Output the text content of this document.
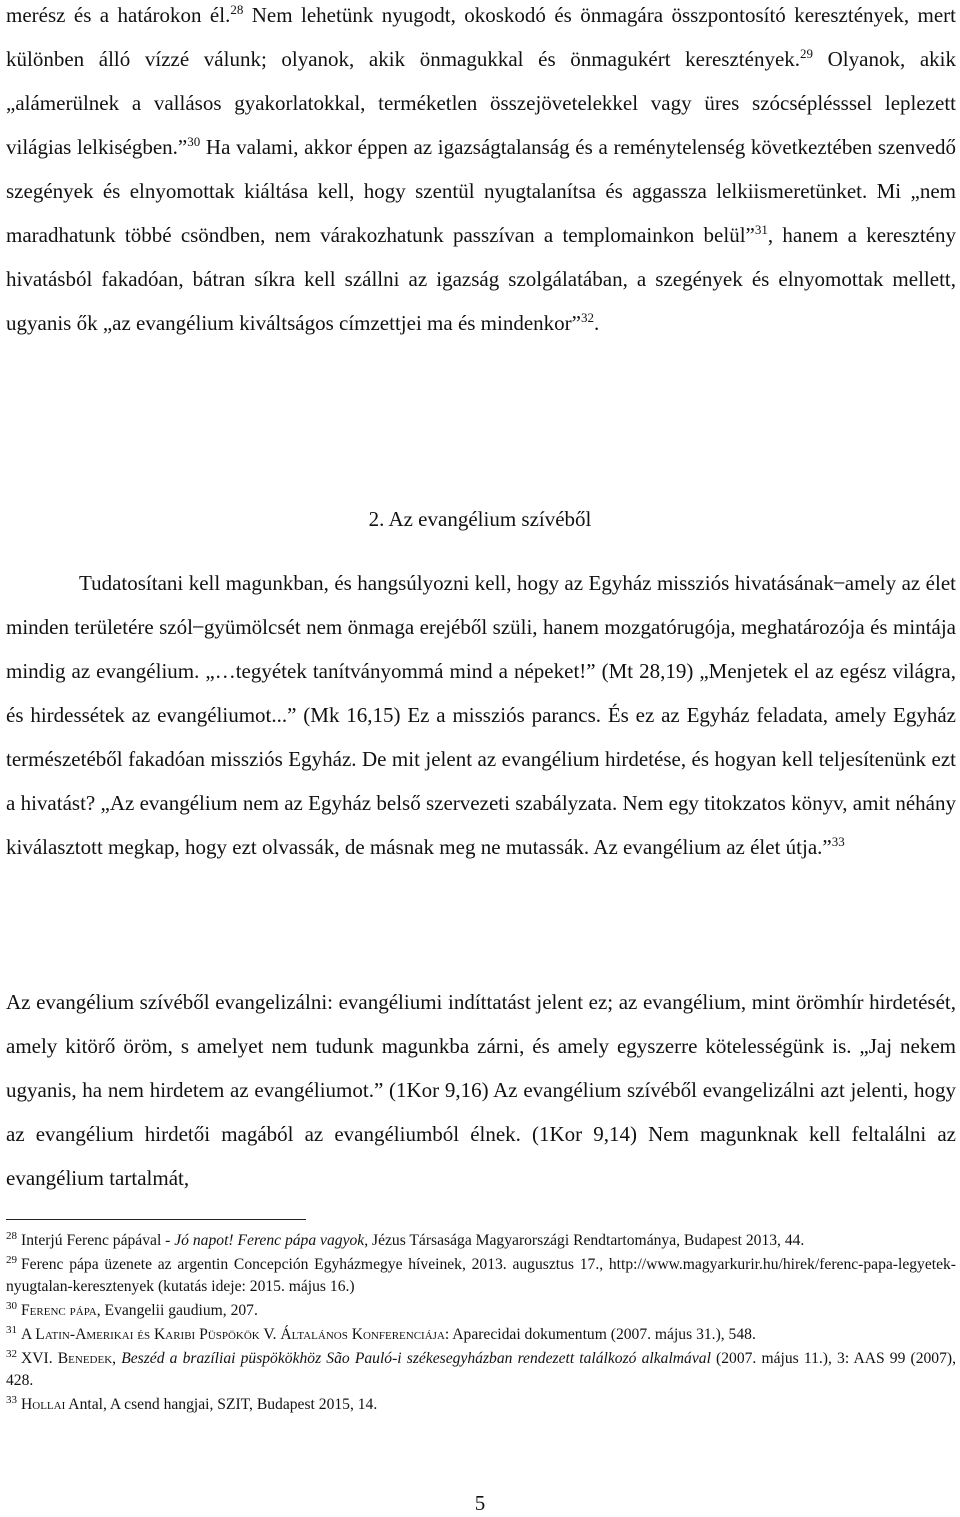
merész és a határokon él.$^{28}$ Nem lehetünk nyugodt, okoskodó és önmagára összpontosító keresztények, mert különben álló vízzé válunk; olyanok, akik önmagukkal és önmagukért keresztények.$^{29}$ Olyanok, akik „alámerülnek a vallásos gyakorlatokkal, terméketlen összejövetelekkel vagy üres szócséplésssel leplezett világias lelkiségben.”$^{30}$ Ha valami, akkor éppen az igazságtalanság és a reménytelenség következtében szenvedő szegények és elnyomottak kiáltása kell, hogy szentül nyugtalanítsa és aggassza lelkiismeretünket. Mi „nem maradhatunk többé csöndben, nem várakozhatunk passzívan a templomainkon belül”$^{31}$, hanem a keresztény hivatásból fakadóan, bátran síkra kell szállni az igazság szolgálatában, a szegények és elnyomottak mellett, ugyanis ők „az evangélium kiváltságos címzettjei ma és mindenkor”$^{32}$.

2. Az evangélium szívéből

Tudatosítani kell magunkban, és hangsúlyozni kell, hogy az Egyház missziós hivatásának ̶ amely az élet minden területére szól ̶ gyümölcsét nem önmaga erejéből szüli, hanem mozgatórugója, meghatározója és mintája mindig az evangélium. „…tegyétek tanítványommá mind a népeket!” (Mt 28,19) „Menjetek el az egész világra, és hirdessétek az evangéliumot...” (Mk 16,15) Ez a missziós parancs. És ez az Egyház feladata, amely Egyház természetéből fakadóan missziós Egyház. De mit jelent az evangélium hirdetése, és hogyan kell teljesítenünk ezt a hivatást? „Az evangélium nem az Egyház belső szervezeti szabályzata. Nem egy titokzatos könyv, amit néhány kiválasztott megkap, hogy ezt olvassák, de másnak meg ne mutassák. Az evangélium az élet útja.”$^{33}$

Az evangélium szívéből evangelizálni: evangéliumi indíttatást jelent ez; az evangélium, mint örömhír hirdetését, amely kitörő öröm, s amelyet nem tudunk magunkba zárni, és amely egyszerre kötelességünk is. „Jaj nekem ugyanis, ha nem hirdetem az evangéliumot.” (1Kor 9,16) Az evangélium szívéből evangelizálni azt jelenti, hogy az evangélium hirdetői magából az evangéliumból élnek. (1Kor 9,14) Nem magunknak kell feltalálni az evangélium tartalmát,

$^{28}$ Interjú Ferenc pápával - Jó napot! Ferenc pápa vagyok, Jézus Társasága Magyarországi Rendtartománya, Budapest 2013, 44.

$^{29}$ Ferenc pápa üzenete az argentin Concepción Egyházmegye híveinek, 2013. augusztus 17., http://www.magyarkurir.hu/hirek/ferenc-papa-legyetek-nyugtalan-keresztenyek (kutatás ideje: 2015. május 16.)

$^{30}$ Ferenc pápa, Evangelii gaudium, 207.

$^{31}$ A Latin-Amerikai és Karibi Püspökök V. Általános Konferenciája: Aparecidai dokumentum (2007. május 31.), 548.

$^{32}$ XVI. Benedek, Beszéd a brazíliai püspökökhöz São Pauló-i székesegyházban rendezett találkozó alkalmával (2007. május 11.), 3: AAS 99 (2007), 428.

$^{33}$ Hollai Antal, A csend hangjai, SZIT, Budapest 2015, 14.

5
